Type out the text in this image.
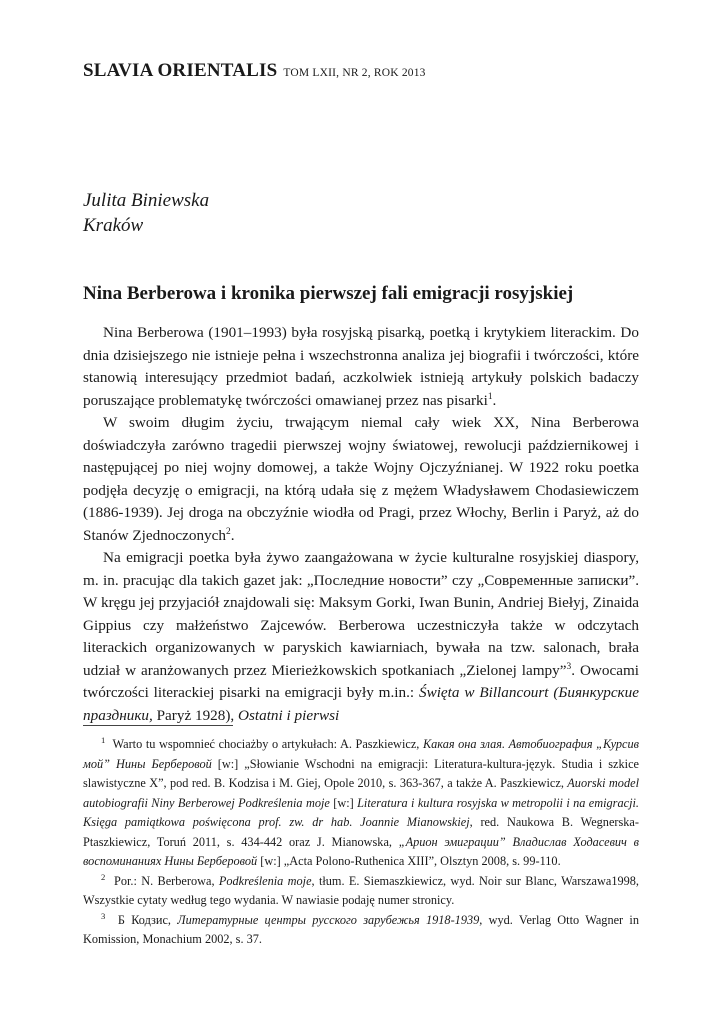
SLAVIA ORIENTALIS TOM LXII, NR 2, ROK 2013
Julita Biniewska
Kraków
Nina Berberowa i kronika pierwszej fali emigracji rosyjskiej

Nina Berberowa (1901–1993) była rosyjską pisarką, poetką i krytykiem literackim. Do dnia dzisiejszego nie istnieje pełna i wszechstronna analiza jej biografii i twórczości, które stanowią interesujący przedmiot badań, aczkolwiek istnieją artykuły polskich badaczy poruszające problematykę twórczości omawianej przez nas pisarki$^1$.

W swoim długim życiu, trwającym niemal cały wiek XX, Nina Berberowa doświadczyła zarówno tragedii pierwszej wojny światowej, rewolucji październikowej i następującej po niej wojny domowej, a także Wojny Ojczyźnianej. W 1922 roku poetka podjęła decyzję o emigracji, na którą udała się z mężem Władysławem Chodasiewiczem (1886-1939). Jej droga na obczyźnie wiodła od Pragi, przez Włochy, Berlin i Paryż, aż do Stanów Zjednoczonych$^2$.

Na emigracji poetka była żywo zaangażowana w życie kulturalne rosyjskiej diaspory, m. in. pracując dla takich gazet jak: „Последние новости” czy „Современные записки”. W kręgu jej przyjaciół znajdowali się: Maksym Gorki, Iwan Bunin, Andriej Biełyj, Zinaida Gippius czy małżeństwo Zajcewów. Berberowa uczestniczyła także w odczytach literackich organizowanych w paryskich kawiarniach, bywała na tzw. salonach, brała udział w aranżowanych przez Mierieżkowskich spotkaniach „Zielonej lampy”$^3$. Owocami twórczości literackiej pisarki na emigracji były m.in.: Święta w Billancourt (Биянкурские праздники, Paryż 1928), Ostatni i pierwsi

$^1$ Warto tu wspomnieć chociażby o artykułach: A. Paszkiewicz, Какая она злая. Автобиография „Курсив мой” Нины Берберовой [w:] „Słowianie Wschodni na emigracji: Literatura-kultura-język. Studia i szkice slawistyczne X”, pod red. B. Kodzisa i M. Giej, Opole 2010, s. 363-367, a także A. Paszkiewicz, Auorski model autobiografii Niny Berberowej Podkreślenia moje [w:] Literatura i kultura rosyjska w metropolii i na emigracji. Księga pamiątkowa poświęcona prof. zw. dr hab. Joannie Mianowskiej, red. Naukowa B. Wegnerska-Ptaszkiewicz, Toruń 2011, s. 434-442 oraz J. Mianowska, „Арион эмиграции” Владислав Ходасевич в воспоминаниях Нины Берберовой [w:] „Acta Polono-Ruthenica XIII”, Olsztyn 2008, s. 99-110.

$^2$ Por.: N. Berberowa, Podkreślenia moje, tłum. E. Siemaszkiewicz, wyd. Noir sur Blanc, Warszawa1998, Wszystkie cytaty według tego wydania. W nawiasie podaję numer stronicy.

$^3$ Б Кодзис, Литературные центры русского зарубежья 1918-1939, wyd. Verlag Otto Wagner in Komission, Monachium 2002, s. 37.
